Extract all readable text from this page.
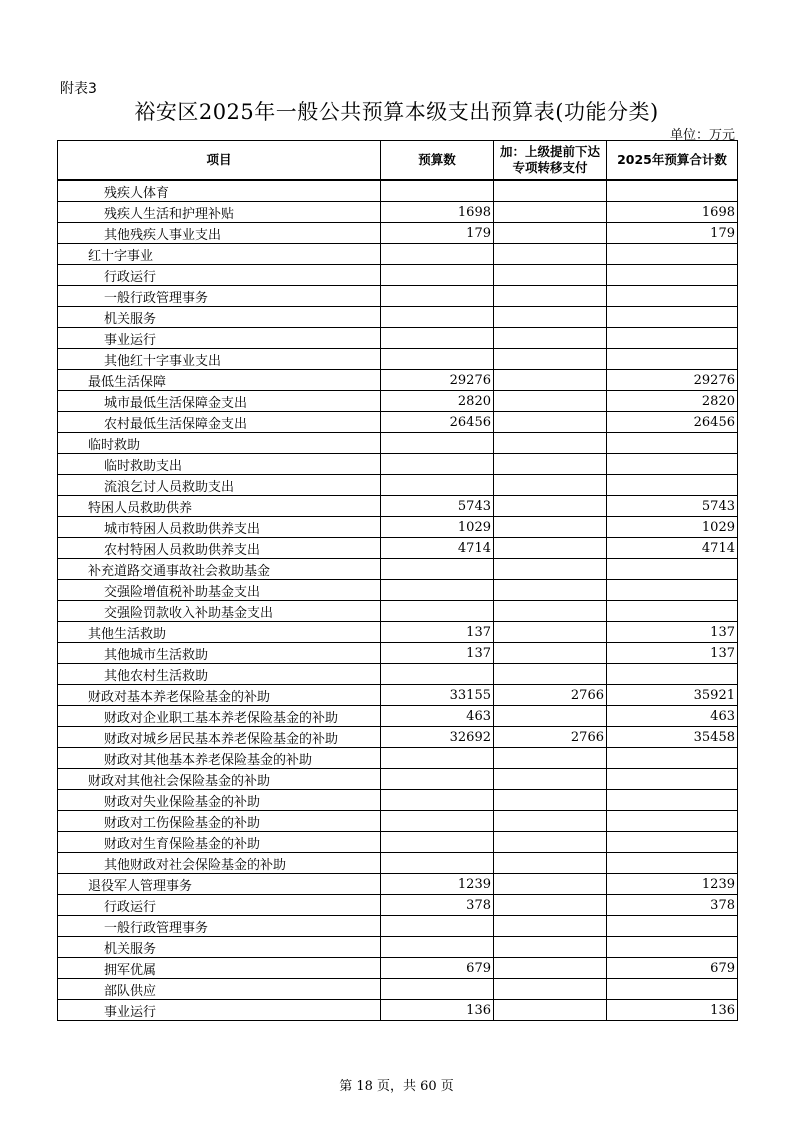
附表3
裕安区2025年一般公共预算本级支出预算表(功能分类)
单位：万元
项目	预算数	加：上级提前下达专项转移支付	2025年预算合计数
残疾人体育			
残疾人生活和护理补贴	1698		1698
其他残疾人事业支出	179		179
红十字事业			
行政运行			
一般行政管理事务			
机关服务			
事业运行			
其他红十字事业支出			
最低生活保障	29276		29276
城市最低生活保障金支出	2820		2820
农村最低生活保障金支出	26456		26456
临时救助			
临时救助支出			
流浪乞讨人员救助支出			
特困人员救助供养	5743		5743
城市特困人员救助供养支出	1029		1029
农村特困人员救助供养支出	4714		4714
补充道路交通事故社会救助基金			
交强险增值税补助基金支出			
交强险罚款收入补助基金支出			
其他生活救助	137		137
其他城市生活救助	137		137
其他农村生活救助			
财政对基本养老保险基金的补助	33155	2766	35921
财政对企业职工基本养老保险基金的补助	463		463
财政对城乡居民基本养老保险基金的补助	32692	2766	35458
财政对其他基本养老保险基金的补助			
财政对其他社会保险基金的补助			
财政对失业保险基金的补助			
财政对工伤保险基金的补助			
财政对生育保险基金的补助			
其他财政对社会保险基金的补助			
退役军人管理事务	1239		1239
行政运行	378		378
一般行政管理事务			
机关服务			
拥军优属	679		679
部队供应			
事业运行	136		136
第 18 页，共 60 页
